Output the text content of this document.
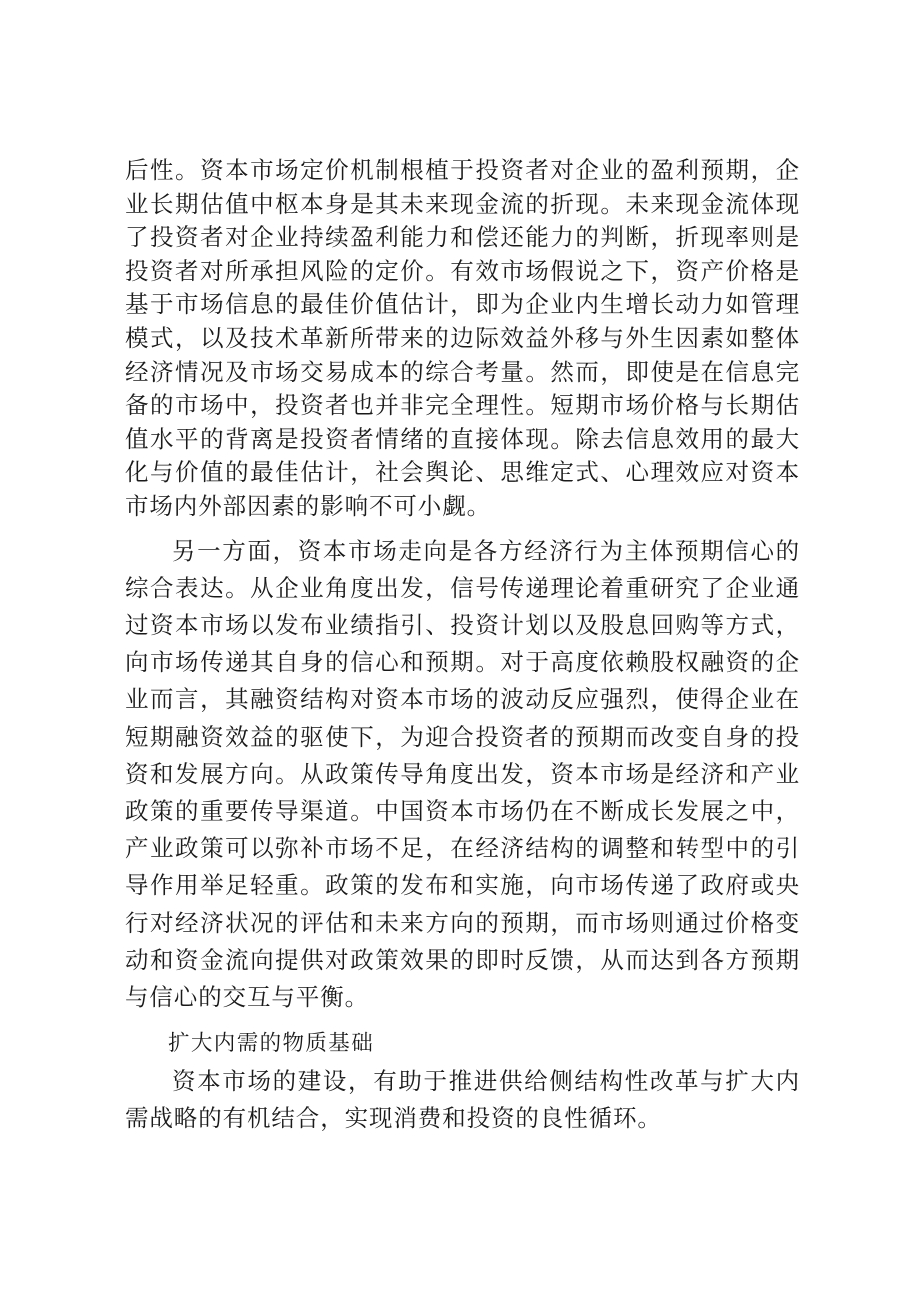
后性。资本市场定价机制根植于投资者对企业的盈利预期，企业长期估值中枢本身是其未来现金流的折现。未来现金流体现了投资者对企业持续盈利能力和偿还能力的判断，折现率则是投资者对所承担风险的定价。有效市场假说之下，资产价格是基于市场信息的最佳价值估计，即为企业内生增长动力如管理模式，以及技术革新所带来的边际效益外移与外生因素如整体经济情况及市场交易成本的综合考量。然而，即使是在信息完备的市场中，投资者也并非完全理性。短期市场价格与长期估值水平的背离是投资者情绪的直接体现。除去信息效用的最大化与价值的最佳估计，社会舆论、思维定式、心理效应对资本市场内外部因素的影响不可小觑。

另一方面，资本市场走向是各方经济行为主体预期信心的综合表达。从企业角度出发，信号传递理论着重研究了企业通过资本市场以发布业绩指引、投资计划以及股息回购等方式，向市场传递其自身的信心和预期。对于高度依赖股权融资的企业而言，其融资结构对资本市场的波动反应强烈，使得企业在短期融资效益的驱使下，为迎合投资者的预期而改变自身的投资和发展方向。从政策传导角度出发，资本市场是经济和产业政策的重要传导渠道。中国资本市场仍在不断成长发展之中，产业政策可以弥补市场不足，在经济结构的调整和转型中的引导作用举足轻重。政策的发布和实施，向市场传递了政府或央行对经济状况的评估和未来方向的预期，而市场则通过价格变动和资金流向提供对政策效果的即时反馈，从而达到各方预期与信心的交互与平衡。

扩大内需的物质基础

资本市场的建设，有助于推进供给侧结构性改革与扩大内需战略的有机结合，实现消费和投资的良性循环。
